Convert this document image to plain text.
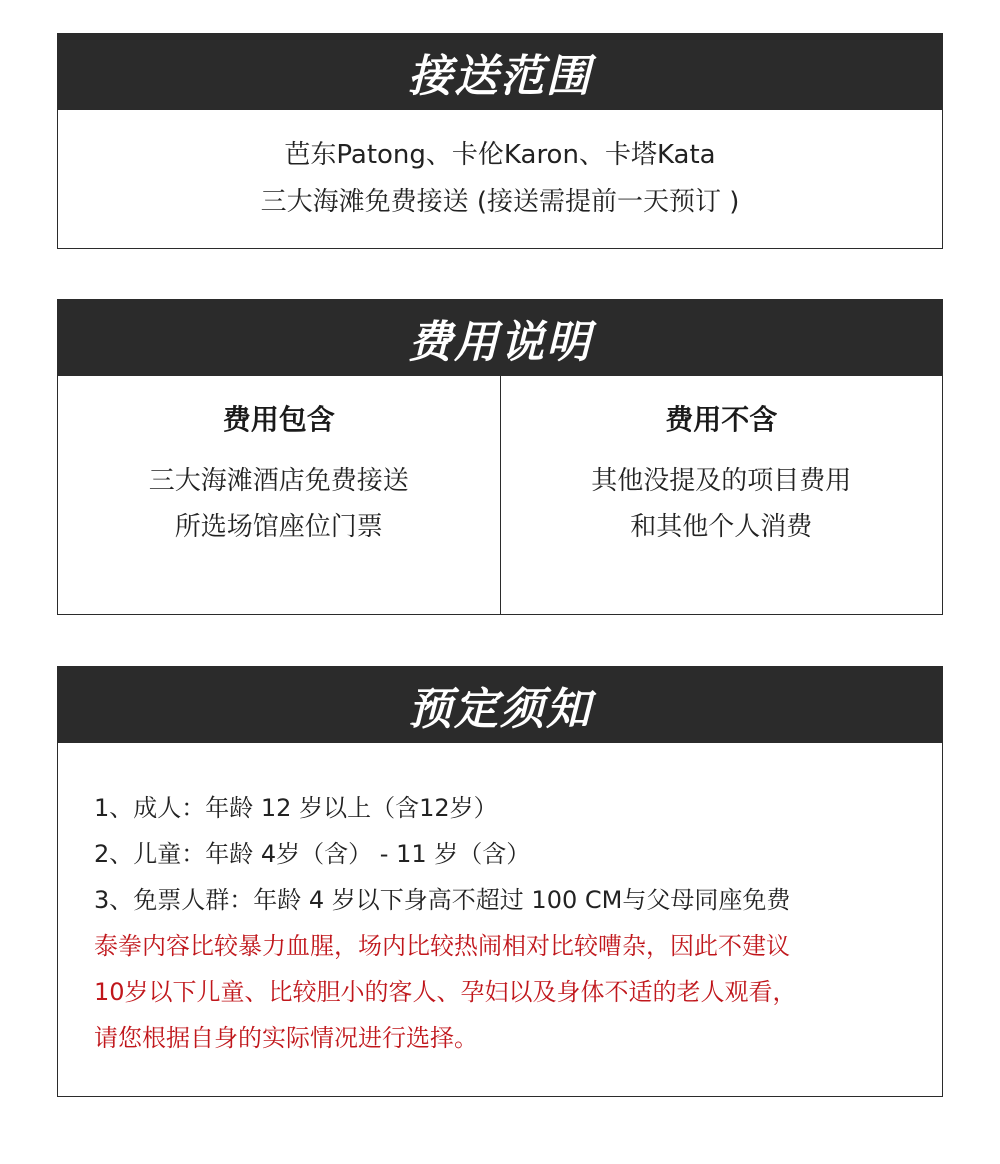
接送范围
芭东Patong、卡伦Karon、卡塔Kata
三大海滩免费接送 (接送需提前一天预订 )
费用说明
费用包含
三大海滩酒店免费接送
所选场馆座位门票
费用不含
其他没提及的项目费用
和其他个人消费
预定须知
1、成人：年龄 12 岁以上（含12岁）
2、儿童：年龄 4岁（含） - 11 岁（含）
3、免票人群：年龄 4 岁以下身高不超过 100 CM与父母同座免费
泰拳内容比较暴力血腥，场内比较热闹相对比较嘈杂，因此不建议
10岁以下儿童、比较胆小的客人、孕妇以及身体不适的老人观看，
请您根据自身的实际情况进行选择。
